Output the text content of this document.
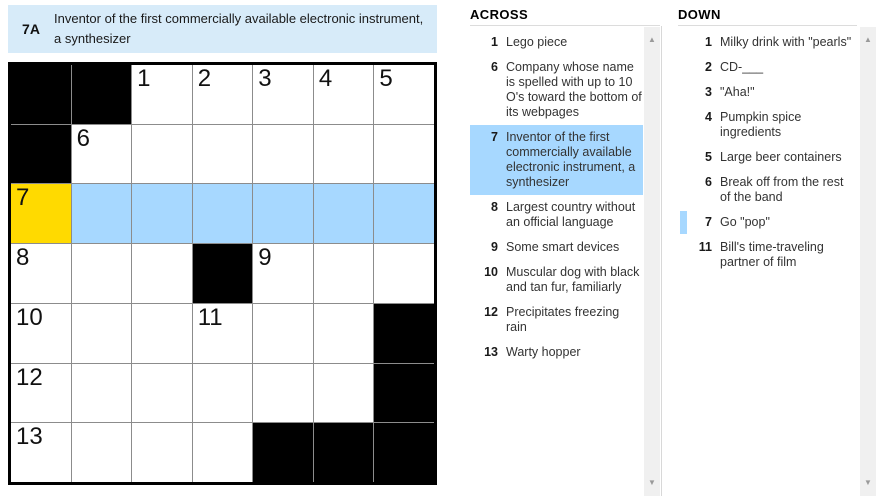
7A
Inventor of the first commercially available electronic instrument, a synthesizer
1 2 3 4 5
6
7
8	9
10	11
12
13
ACROSS
1 Lego piece
6 Company whose name is spelled with up to 10 O's toward the bottom of its webpages
7 Inventor of the first commercially available electronic instrument, a synthesizer
8 Largest country without an official language
9 Some smart devices
10 Muscular dog with black and tan fur, familiarly
12 Precipitates freezing rain
13 Warty hopper
▲
▼
DOWN
1 Milky drink with "pearls"
2 CD-___
3 "Aha!"
4 Pumpkin spice ingredients
5 Large beer containers
6 Break off from the rest of the band
7 Go "pop"
11 Bill's time-traveling partner of film
▲
▼
